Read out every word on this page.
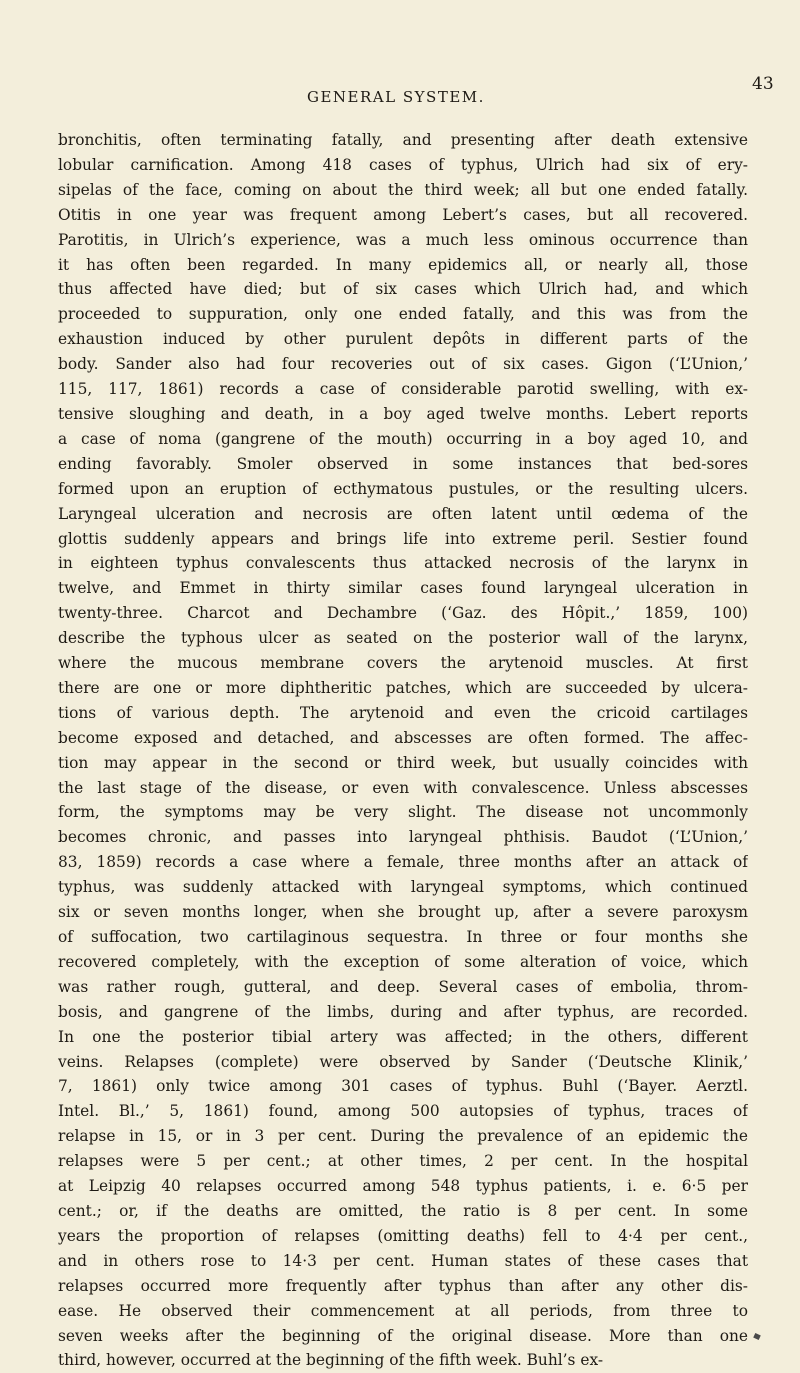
GENERAL SYSTEM.
43
bronchitis, often terminating fatally, and presenting after death extensive
lobular carnification. Among 418 cases of typhus, Ulrich had six of ery-
sipelas of the face, coming on about the third week; all but one ended fatally.
Otitis in one year was frequent among Lebert’s cases, but all recovered.
Parotitis, in Ulrich’s experience, was a much less ominous occurrence than
it has often been regarded. In many epidemics all, or nearly all, those
thus affected have died; but of six cases which Ulrich had, and which
proceeded to suppuration, only one ended fatally, and this was from the
exhaustion induced by other purulent depôts in different parts of the
body. Sander also had four recoveries out of six cases. Gigon (‘L’Union,’
115, 117, 1861) records a case of considerable parotid swelling, with ex-
tensive sloughing and death, in a boy aged twelve months. Lebert reports
a case of noma (gangrene of the mouth) occurring in a boy aged 10, and
ending favorably. Smoler observed in some instances that bed-sores
formed upon an eruption of ecthymatous pustules, or the resulting ulcers.
Laryngeal ulceration and necrosis are often latent until œdema of the
glottis suddenly appears and brings life into extreme peril. Sestier found
in eighteen typhus convalescents thus attacked necrosis of the larynx in
twelve, and Emmet in thirty similar cases found laryngeal ulceration in
twenty-three. Charcot and Dechambre (‘Gaz. des Hôpit.,’ 1859, 100)
describe the typhous ulcer as seated on the posterior wall of the larynx,
where the mucous membrane covers the arytenoid muscles. At first
there are one or more diphtheritic patches, which are succeeded by ulcera-
tions of various depth. The arytenoid and even the cricoid cartilages
become exposed and detached, and abscesses are often formed. The affec-
tion may appear in the second or third week, but usually coincides with
the last stage of the disease, or even with convalescence. Unless abscesses
form, the symptoms may be very slight. The disease not uncommonly
becomes chronic, and passes into laryngeal phthisis. Baudot (‘L’Union,’
83, 1859) records a case where a female, three months after an attack of
typhus, was suddenly attacked with laryngeal symptoms, which continued
six or seven months longer, when she brought up, after a severe paroxysm
of suffocation, two cartilaginous sequestra. In three or four months she
recovered completely, with the exception of some alteration of voice, which
was rather rough, gutteral, and deep. Several cases of embolia, throm-
bosis, and gangrene of the limbs, during and after typhus, are recorded.
In one the posterior tibial artery was affected; in the others, different
veins. Relapses (complete) were observed by Sander (‘Deutsche Klinik,’
7, 1861) only twice among 301 cases of typhus. Buhl (‘Bayer. Aerztl.
Intel. Bl.,’ 5, 1861) found, among 500 autopsies of typhus, traces of
relapse in 15, or in 3 per cent. During the prevalence of an epidemic the
relapses were 5 per cent.; at other times, 2 per cent. In the hospital
at Leipzig 40 relapses occurred among 548 typhus patients, i. e. 6·5 per
cent.; or, if the deaths are omitted, the ratio is 8 per cent. In some
years the proportion of relapses (omitting deaths) fell to 4·4 per cent.,
and in others rose to 14·3 per cent. Human states of these cases that
relapses occurred more frequently after typhus than after any other dis-
ease. He observed their commencement at all periods, from three to
seven weeks after the beginning of the original disease. More than one
third, however, occurred at the beginning of the fifth week. Buhl’s ex-
